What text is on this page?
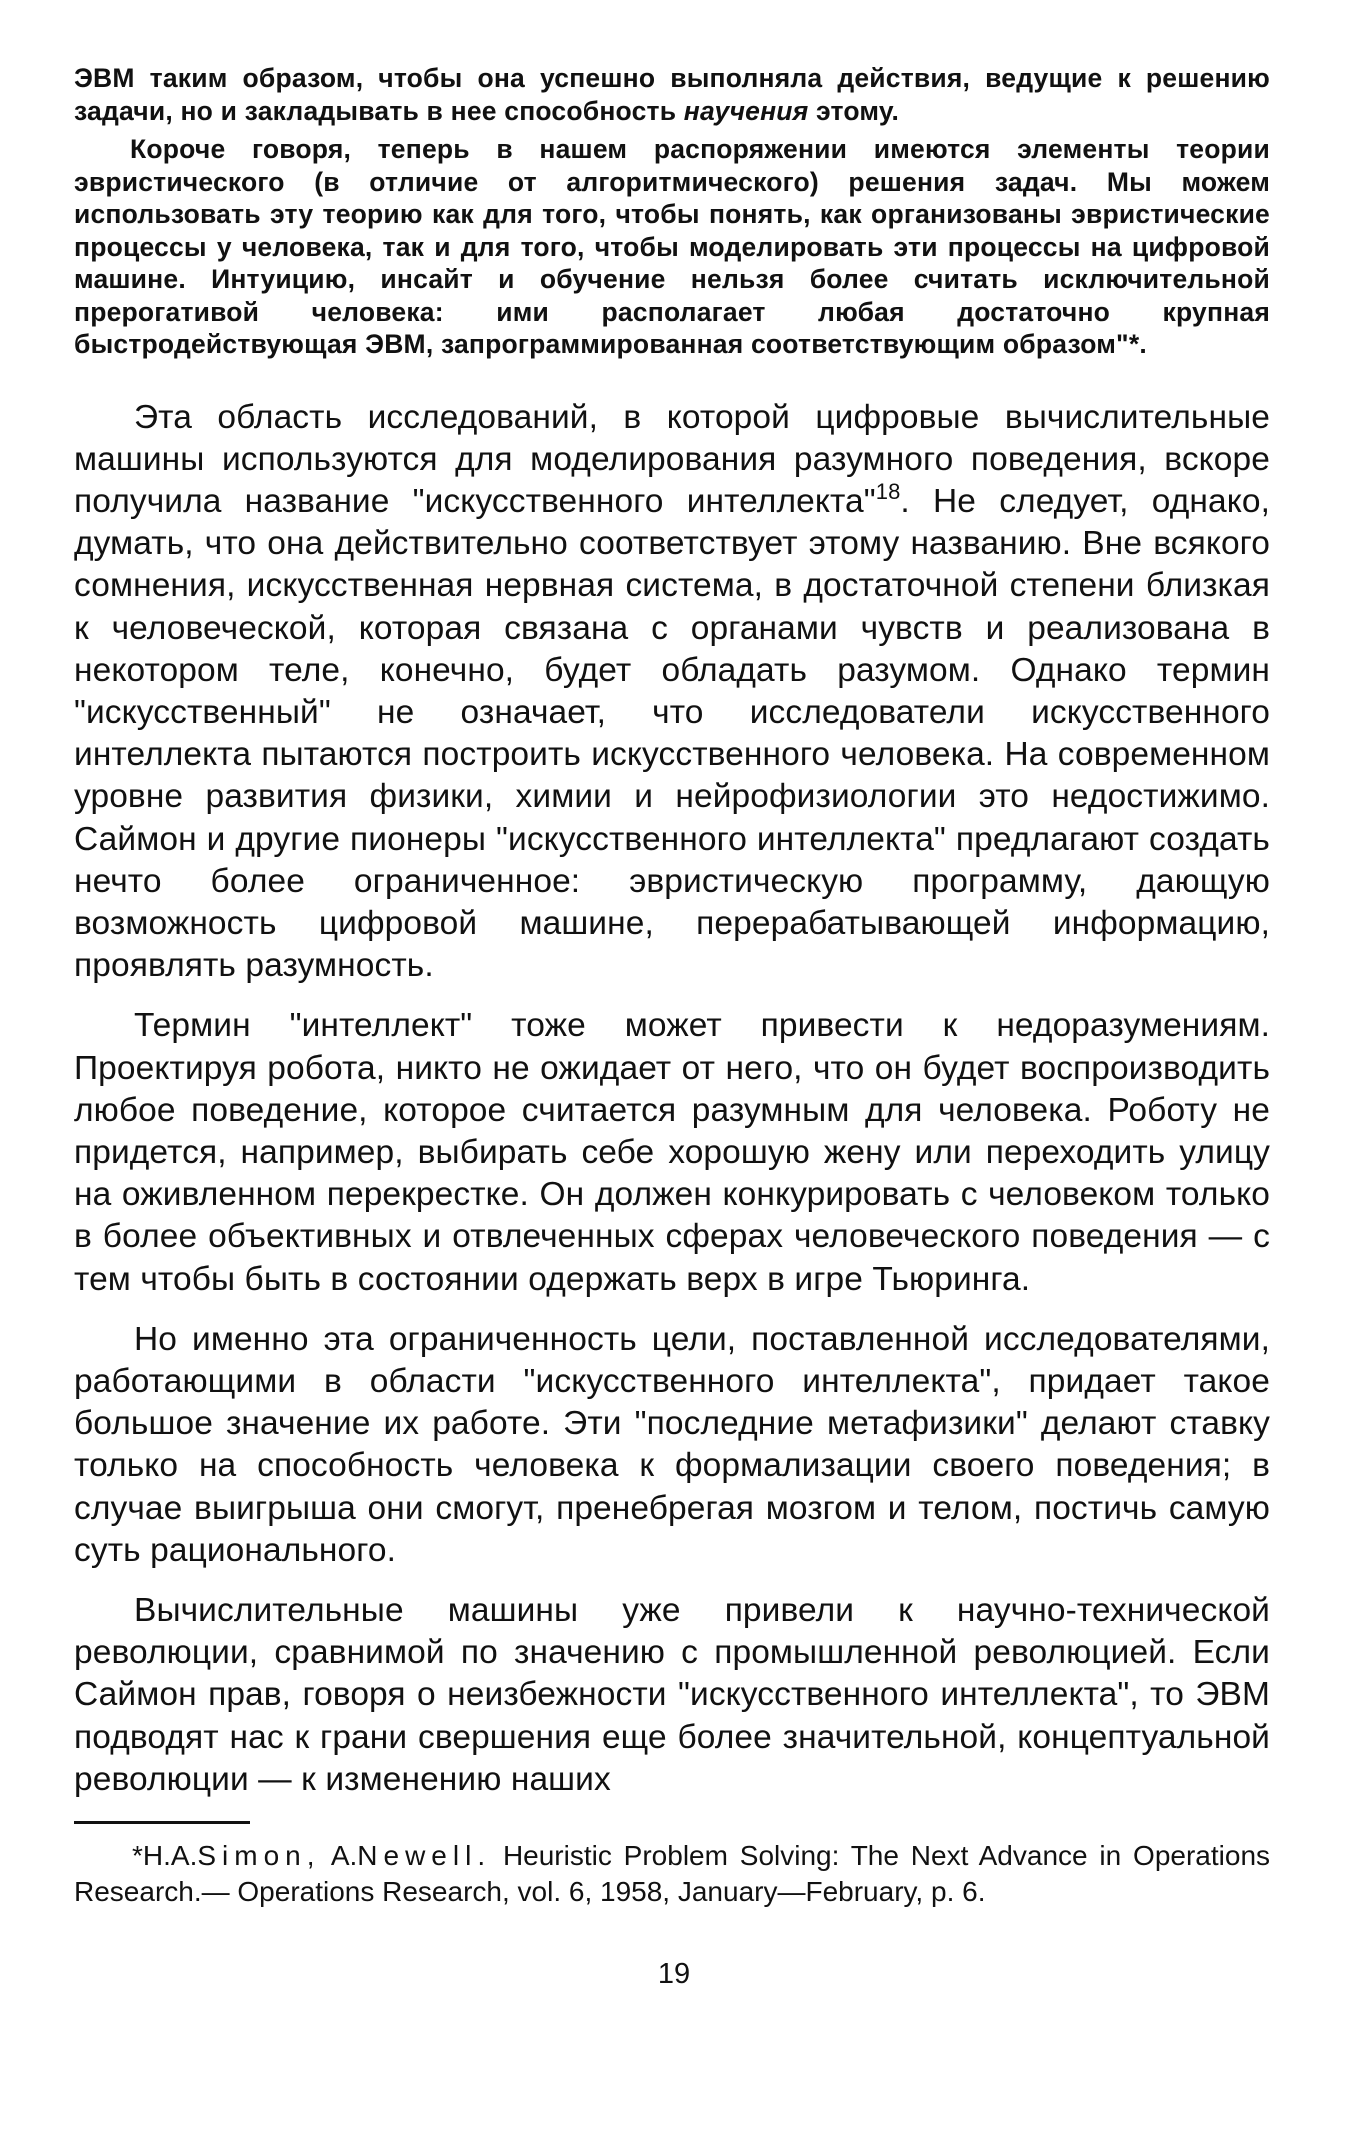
ЭВМ таким образом, чтобы она успешно выполняла действия, ведущие к решению задачи, но и закладывать в нее способность научения этому.

Короче говоря, теперь в нашем распоряжении имеются элементы теории эвристического (в отличие от алгоритмического) решения задач. Мы можем использовать эту теорию как для того, чтобы понять, как организованы эвристические процессы у человека, так и для того, чтобы моделировать эти процессы на цифровой машине. Интуицию, инсайт и обучение нельзя более считать исключительной прерогативой человека: ими располагает любая достаточно крупная быстродействующая ЭВМ, запрограммированная соответствующим образом"*.

Эта область исследований, в которой цифровые вычислительные машины используются для моделирования разумного поведения, вскоре получила название "искусственного интеллекта"$^{18}$. Не следует, однако, думать, что она действительно соответствует этому названию. Вне всякого сомнения, искусственная нервная система, в достаточной степени близкая к человеческой, которая связана с органами чувств и реализована в некотором теле, конечно, будет обладать разумом. Однако термин "искусственный" не означает, что исследователи искусственного интеллекта пытаются построить искусственного человека. На современном уровне развития физики, химии и нейрофизиологии это недостижимо. Саймон и другие пионеры "искусственного интеллекта" предлагают создать нечто более ограниченное: эвристическую программу, дающую возможность цифровой машине, перерабатывающей информацию, проявлять разумность.

Термин "интеллект" тоже может привести к недоразумениям. Проектируя робота, никто не ожидает от него, что он будет воспроизводить любое поведение, которое считается разумным для человека. Роботу не придется, например, выбирать себе хорошую жену или переходить улицу на оживленном перекрестке. Он должен конкурировать с человеком только в более объективных и отвлеченных сферах человеческого поведения — с тем чтобы быть в состоянии одержать верх в игре Тьюринга.

Но именно эта ограниченность цели, поставленной исследователями, работающими в области "искусственного интеллекта", придает такое большое значение их работе. Эти "последние метафизики" делают ставку только на способность человека к формализации своего поведения; в случае выигрыша они смогут, пренебрегая мозгом и телом, постичь самую суть рационального.

Вычислительные машины уже привели к научно-технической революции, сравнимой по значению с промышленной революцией. Если Саймон прав, говоря о неизбежности "искусственного интеллекта", то ЭВМ подводят нас к грани свершения еще более значительной, концептуальной революции — к изменению наших

*H.A.Simon, A.Newell. Heuristic Problem Solving: The Next Advance in Operations Research.— Operations Research, vol. 6, 1958, January—February, p. 6.
19
